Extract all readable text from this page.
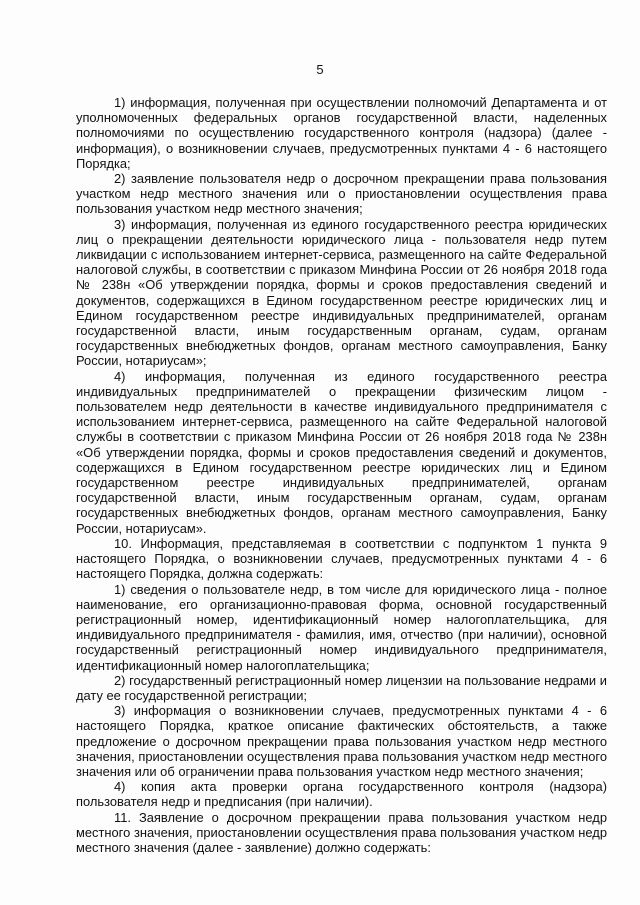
5

1) информация, полученная при осуществлении полномочий Департамента и от уполномоченных федеральных органов государственной власти, наделенных полномочиями по осуществлению государственного контроля (надзора) (далее - информация), о возникновении случаев, предусмотренных пунктами 4 - 6 настоящего Порядка;

2) заявление пользователя недр о досрочном прекращении права пользования участком недр местного значения или о приостановлении осуществления права пользования участком недр местного значения;

3) информация, полученная из единого государственного реестра юридических лиц о прекращении деятельности юридического лица - пользователя недр путем ликвидации с использованием интернет-сервиса, размещенного на сайте Федеральной налоговой службы, в соответствии с приказом Минфина России от 26 ноября 2018 года № 238н «Об утверждении порядка, формы и сроков предоставления сведений и документов, содержащихся в Едином государственном реестре юридических лиц и Едином государственном реестре индивидуальных предпринимателей, органам государственной власти, иным государственным органам, судам, органам государственных внебюджетных фондов, органам местного самоуправления, Банку России, нотариусам»;

4) информация, полученная из единого государственного реестра индивидуальных предпринимателей о прекращении физическим лицом - пользователем недр деятельности в качестве индивидуального предпринимателя с использованием интернет-сервиса, размещенного на сайте Федеральной налоговой службы в соответствии с приказом Минфина России от 26 ноября 2018 года № 238н «Об утверждении порядка, формы и сроков предоставления сведений и документов, содержащихся в Едином государственном реестре юридических лиц и Едином государственном реестре индивидуальных предпринимателей, органам государственной власти, иным государственным органам, судам, органам государственных внебюджетных фондов, органам местного самоуправления, Банку России, нотариусам».

10. Информация, представляемая в соответствии с подпунктом 1 пункта 9 настоящего Порядка, о возникновении случаев, предусмотренных пунктами 4 - 6 настоящего Порядка, должна содержать:

1) сведения о пользователе недр, в том числе для юридического лица - полное наименование, его организационно-правовая форма, основной государственный регистрационный номер, идентификационный номер налогоплательщика, для индивидуального предпринимателя - фамилия, имя, отчество (при наличии), основной государственный регистрационный номер индивидуального предпринимателя, идентификационный номер налогоплательщика;

2) государственный регистрационный номер лицензии на пользование недрами и дату ее государственной регистрации;

3) информация о возникновении случаев, предусмотренных пунктами 4 - 6 настоящего Порядка, краткое описание фактических обстоятельств, а также предложение о досрочном прекращении права пользования участком недр местного значения, приостановлении осуществления права пользования участком недр местного значения или об ограничении права пользования участком недр местного значения;

4) копия акта проверки органа государственного контроля (надзора) пользователя недр и предписания (при наличии).

11. Заявление о досрочном прекращении права пользования участком недр местного значения, приостановлении осуществления права пользования участком недр местного значения (далее - заявление) должно содержать:
